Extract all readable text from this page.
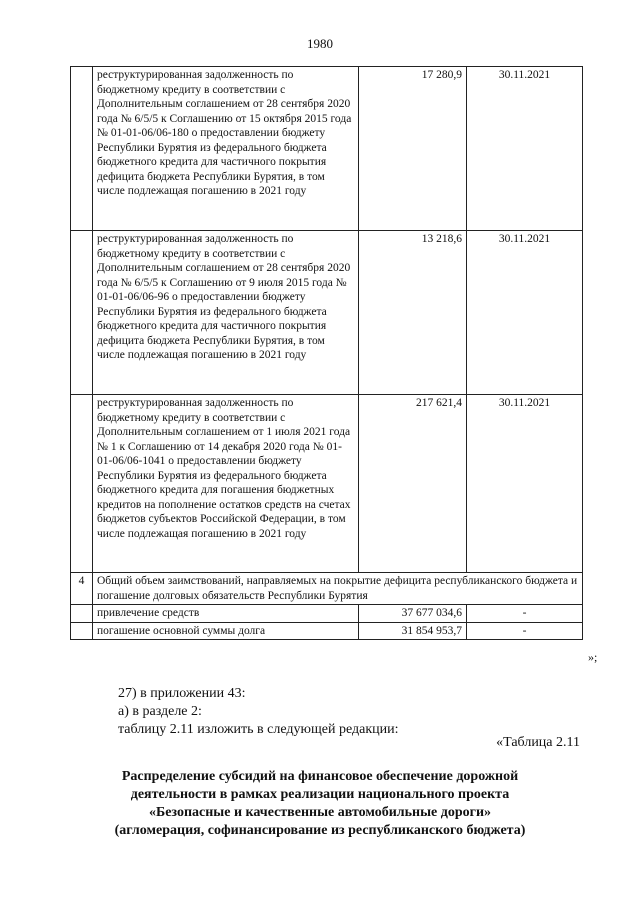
1980
	реструктурированная задолженность по бюджетному кредиту в соответствии с Дополнительным соглашением от 28 сентября 2020 года № 6/5/5 к Соглашению от 15 октября 2015 года № 01-01-06/06-180 о предоставлении бюджету Республики Бурятия из федерального бюджета бюджетного кредита для частичного покрытия дефицита бюджета Республики Бурятия, в том числе подлежащая погашению в 2021 году	17 280,9	30.11.2021
	реструктурированная задолженность по бюджетному кредиту в соответствии с Дополнительным соглашением от 28 сентября 2020 года № 6/5/5 к Соглашению от 9 июля 2015 года № 01-01-06/06-96 о предоставлении бюджету Республики Бурятия из федерального бюджета бюджетного кредита для частичного покрытия дефицита бюджета Республики Бурятия, в том числе подлежащая погашению в 2021 году	13 218,6	30.11.2021
	реструктурированная задолженность по бюджетному кредиту в соответствии с Дополнительным соглашением от 1 июля 2021 года № 1 к Соглашению от 14 декабря 2020 года № 01-01-06/06-1041 о предоставлении бюджету Республики Бурятия из федерального бюджета бюджетного кредита для погашения бюджетных кредитов на пополнение остатков средств на счетах бюджетов субъектов Российской Федерации, в том числе подлежащая погашению в 2021 году	217 621,4	30.11.2021
4	Общий объем заимствований, направляемых на покрытие дефицита республиканского бюджета и погашение долговых обязательств Республики Бурятия		
	привлечение средств	37 677 034,6	-
	погашение основной суммы долга	31 854 953,7	-
»;
27) в приложении 43:
а) в разделе 2:
таблицу 2.11 изложить в следующей редакции:
«Таблица 2.11
Распределение субсидий на финансовое обеспечение дорожной
деятельности в рамках реализации национального проекта
«Безопасные и качественные автомобильные дороги»
(агломерация, софинансирование из республиканского бюджета)
